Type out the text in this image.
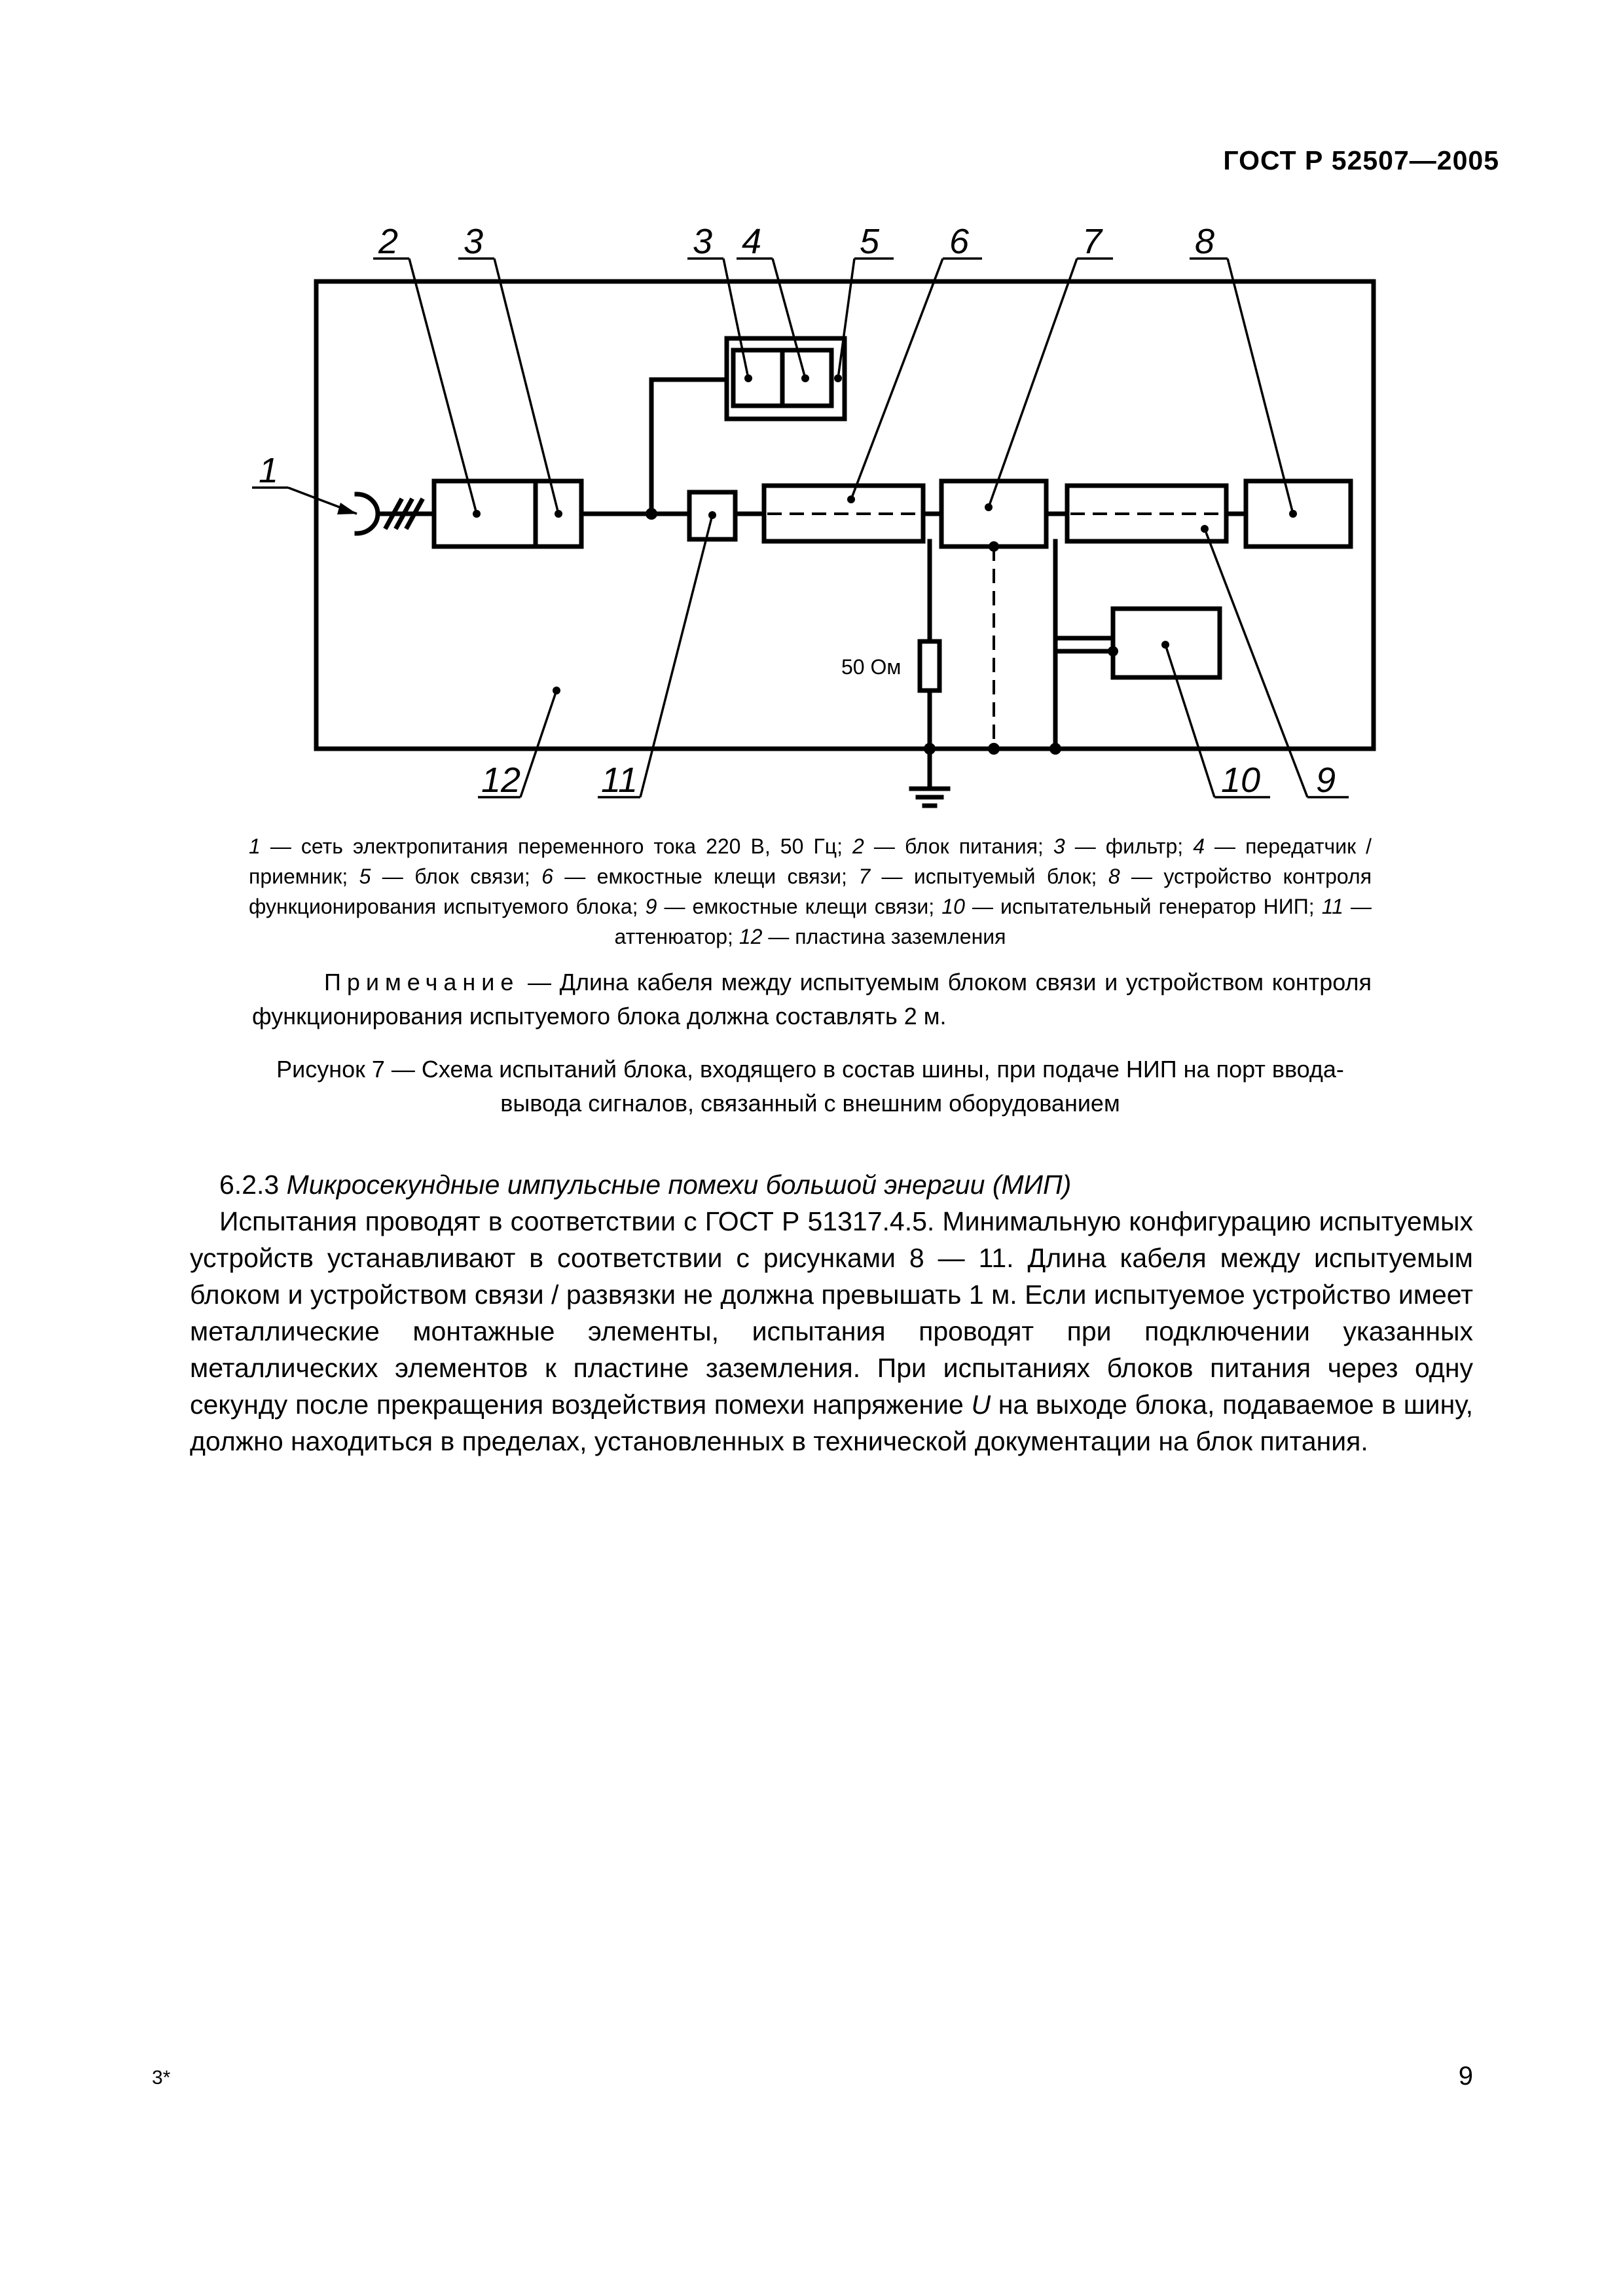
ГОСТ Р 52507—2005
2 3	3 4	5 6	7	8
1
12 11	10 9
50 Ом
1 — сеть электропитания переменного тока 220 В, 50 Гц; 2 — блок питания; 3 — фильтр; 4 — передатчик / приемник; 5 — блок связи; 6 — емкостные клещи связи; 7 — испытуемый блок; 8 — устройство контроля функционирования испытуемого блока; 9 — емкостные клещи связи; 10 — испытательный генератор НИП; 11 — аттенюатор; 12 — пластина заземления
Примечание — Длина кабеля между испытуемым блоком связи и устройством контроля функционирования испытуемого блока должна составлять 2 м.
Рисунок 7 — Схема испытаний блока, входящего в состав шины, при подаче НИП на порт ввода-вывода сигналов, связанный с внешним оборудованием
6.2.3 Микросекундные импульсные помехи большой энергии (МИП)
Испытания проводят в соответствии с ГОСТ Р 51317.4.5. Минимальную конфигурацию испытуемых устройств устанавливают в соответствии с рисунками 8 — 11. Длина кабеля между испытуемым блоком и устройством связи / развязки не должна превышать 1 м. Если испытуемое устройство имеет металлические монтажные элементы, испытания проводят при подключении указанных металлических элементов к пластине заземления. При испытаниях блоков питания через одну секунду после прекращения воздействия помехи напряжение U на выходе блока, подаваемое в шину, должно находиться в пределах, установленных в технической документации на блок питания.
3*	9
